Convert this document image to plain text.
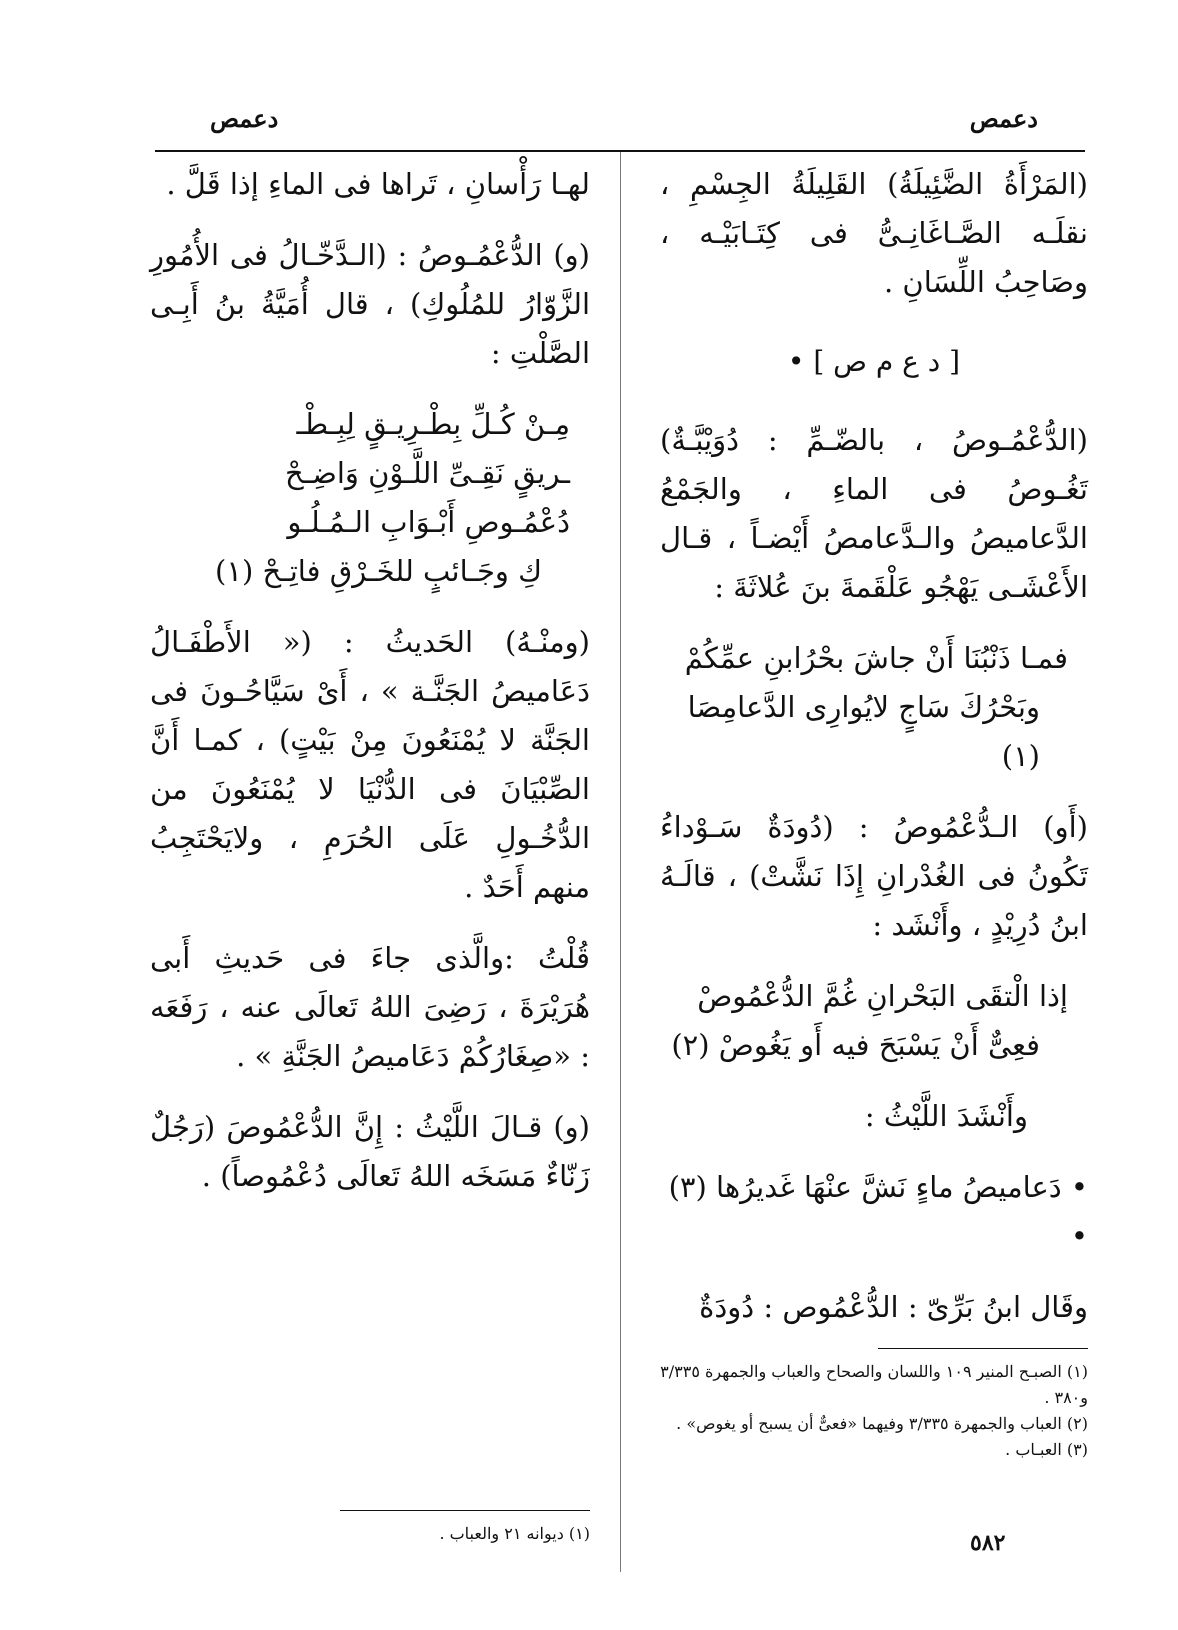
دعمص
دعمص

(المَرْأَةُ الضَّئِيلَةُ) القَلِيلَةُ الجِسْمِ ، نقلَـه الصَّـاغَانِـىُّ فى كِتَـابَيْـه ، وصَاحِبُ اللِّسَانِ .

[ د ع م ص ] •

(الدُّعْمُـوصُ ، بالضّـمِّ : دُوَيْبَّـةٌ) تَغُـوصُ فى الماءِ ، والجَمْعُ الدَّعاميصُ والـدَّعامصُ أَيْضـاً ، قـال الأَعْشَـى يَهْجُو عَلْقَمةَ بنَ عُلاثَةَ :

فمـا ذَنْبُنَا أَنْ جاشَ بحْرُابنِ عمِّكُمْ

وبَحْرُكَ سَاجٍ لايُوارِى الدَّعامِصَا (١)

(أَو) الـدُّعْمُوصُ : (دُودَةٌ سَـوْداءُ تَكُونُ فى الغُدْرانِ إِذَا نَشَّتْ) ، قالَـهُ ابنُ دُرِيْدٍ ، وأَنْشَد :

إذا الْتقَى البَحْرانِ غُمَّ الدُّعْمُوصْ

فعِىٌّ أَنْ يَسْبَحَ فيه أَو يَغُوصْ (٢)

وأَنْشَدَ اللَّيْثُ :

• دَعاميصُ ماءٍ نَشَّ عنْهَا غَديرُها (٣) •

وقَال ابنُ بَرِّىّ : الدُّعْمُوص : دُودَةٌ

(١) الصبـح المنير ١٠٩ واللسان والصحاح والعباب والجمهرة ٣/٣٣٥ و٣٨٠ .
(٢) العباب والجمهرة ٣/٣٣٥ وفيهما «فعىٌّ أن يسبح أو يغوص» .
(٣) العبـاب .

لهـا رَأْسانِ ، تَراها فى الماءِ إذا قَلَّ .

(و) الدُّعْمُـوصُ : (الـدَّخّـالُ فى الأُمُورِ الزَّوّارُ للمُلُوكِ) ، قال أُمَيَّةُ بنُ أَبِـى الصَّلْتِ :

مِـنْ كُـلِّ بِطْـرِيـقٍ لِبِـطْـ

ـريقٍ نَقِـىِّ اللَّـوْنِ وَاضِـحْ

دُعْمُـوصِ أَبْـوَابِ الـمُـلُـو

كِ وجَـائبٍ للخَـرْقِ فاتِـحْ (١)

(ومنْـهُ) الحَديثُ : (« الأَطْفَـالُ دَعَاميصُ الجَنَّـة » ، أَىْ سَيَّاحُـونَ فى الجَنَّة لا يُمْنَعُونَ مِنْ بَيْتٍ) ، كمـا أَنَّ الصِّبْيَانَ فى الدُّنْيَا لا يُمْنَعُونَ من الدُّخُـولِ عَلَى الحُرَمِ ، ولايَحْتَجِبُ منهم أَحَدٌ .

قُلْتُ :والَّذى جاءَ فى حَديثِ أَبى هُرَيْرَةَ ، رَضِىَ اللهُ تَعالَى عنه ، رَفَعَه : «صِغَارُكُمْ دَعَاميصُ الجَنَّةِ » .

(و) قـالَ اللَّيْثُ : إِنَّ الدُّعْمُوصَ (رَجُلٌ زَنّاءٌ مَسَخَه اللهُ تَعالَى دُعْمُوصاً) .

(١) ديوانه ٢١ والعباب .	٥٨٢
